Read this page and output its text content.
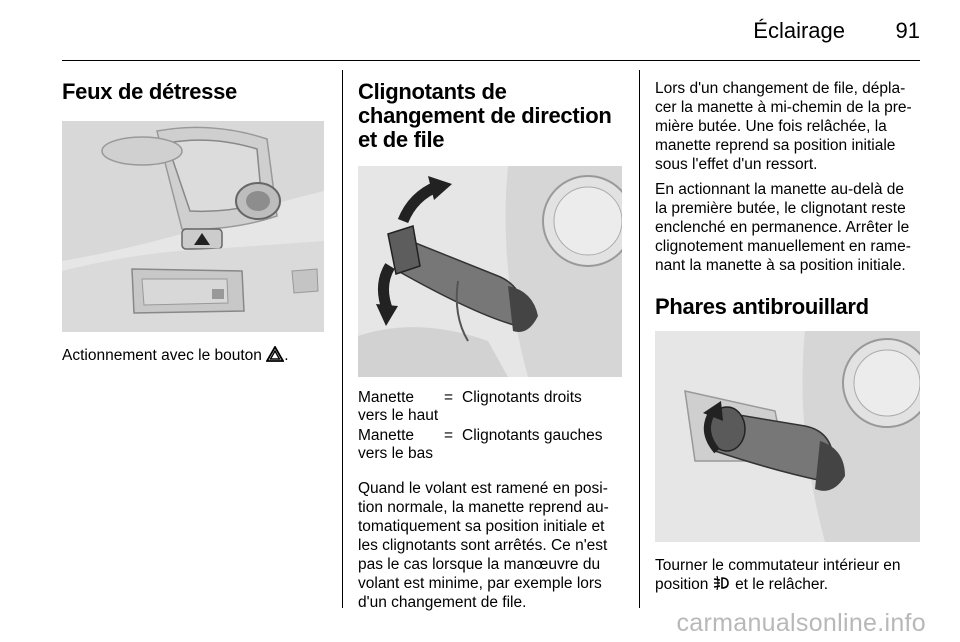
Éclairage 91
Feux de détresse

Actionnement avec le bouton .

Clignotants de
changement de direction
et de file
Manette
vers le haut	=	Clignotants droits
Manette
vers le bas	=	Clignotants gauches

Quand le volant est ramené en posi-
tion normale, la manette reprend au-
tomatiquement sa position initiale et
les clignotants sont arrêtés. Ce n'est
pas le cas lorsque la manœuvre du
volant est minime, par exemple lors
d'un changement de file.

Lors d'un changement de file, dépla-
cer la manette à mi-chemin de la pre-
mière butée. Une fois relâchée, la
manette reprend sa position initiale
sous l'effet d'un ressort.

En actionnant la manette au-delà de
la première butée, le clignotant reste
enclenché en permanence. Arrêter le
clignotement manuellement en rame-
nant la manette à sa position initiale.

Phares antibrouillard

Tourner le commutateur intérieur en
position et le relâcher.

carmanualsonline.info
